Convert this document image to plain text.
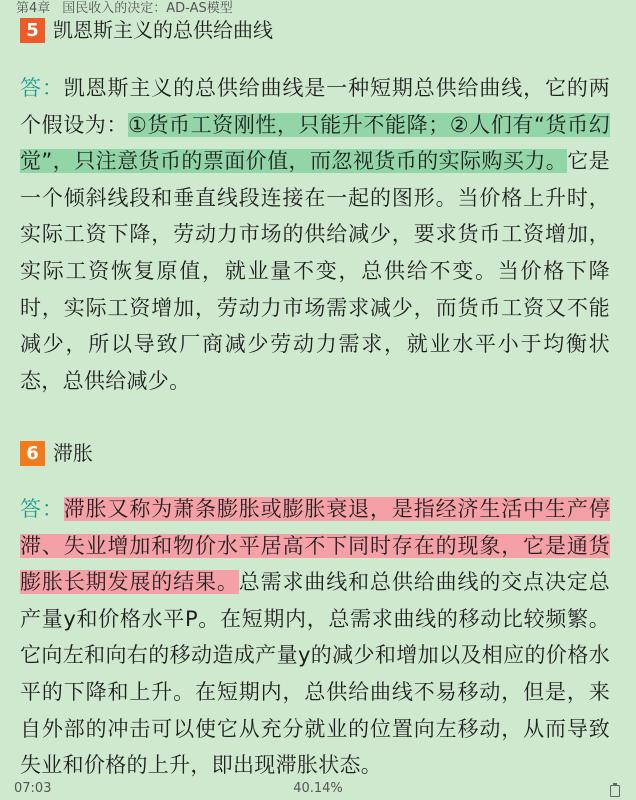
第4章 国民收入的决定：AD-AS模型
5 凯恩斯主义的总供给曲线

答：凯恩斯主义的总供给曲线是一种短期总供给曲线，它的两个假设为：①货币工资刚性，只能升不能降；②人们有“货币幻觉”，只注意货币的票面价值，而忽视货币的实际购买力。它是一个倾斜线段和垂直线段连接在一起的图形。当价格上升时，实际工资下降，劳动力市场的供给减少，要求货币工资增加，实际工资恢复原值，就业量不变，总供给不变。当价格下降时，实际工资增加，劳动力市场需求减少，而货币工资又不能减少，所以导致厂商减少劳动力需求，就业水平小于均衡状态，总供给减少。

6 滞胀

答：滞胀又称为萧条膨胀或膨胀衰退，是指经济生活中生产停滞、失业增加和物价水平居高不下同时存在的现象，它是通货膨胀长期发展的结果。总需求曲线和总供给曲线的交点决定总产量y和价格水平P。在短期内，总需求曲线的移动比较频繁。它向左和向右的移动造成产量y的减少和增加以及相应的价格水平的下降和上升。在短期内，总供给曲线不易移动，但是，来自外部的冲击可以使它从充分就业的位置向左移动，从而导致失业和价格的上升，即出现滞胀状态。

07:03	40.14%
